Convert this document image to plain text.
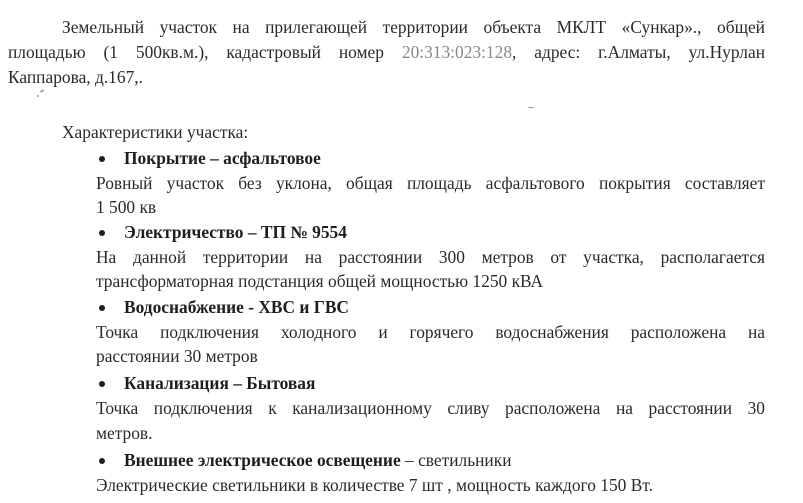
Земельный участок на прилегающей территории объекта МКЛТ «Сункар»., общей
площадью (1 500кв.м.), кадастровый номер 20:313:023:128, адрес: г.Алматы, ул.Нурлан
Каппарова, д.167,.
Характеристики участка:
Покрытие – асфальтовое
Ровный участок без уклона, общая площадь асфальтового покрытия составляет
1 500 кв
Электричество – ТП № 9554
На данной территории на расстоянии 300 метров от участка, располагается
трансформаторная подстанция общей мощностью 1250 кВА
Водоснабжение - ХВС и ГВС
Точка подключения холодного и горячего водоснабжения расположена на
расстоянии 30 метров
Канализация – Бытовая
Точка подключения к канализационному сливу расположена на расстоянии 30
метров.
Внешнее электрическое освещение – светильники
Электрические светильники в количестве 7 шт , мощность каждого 150 Вт.
